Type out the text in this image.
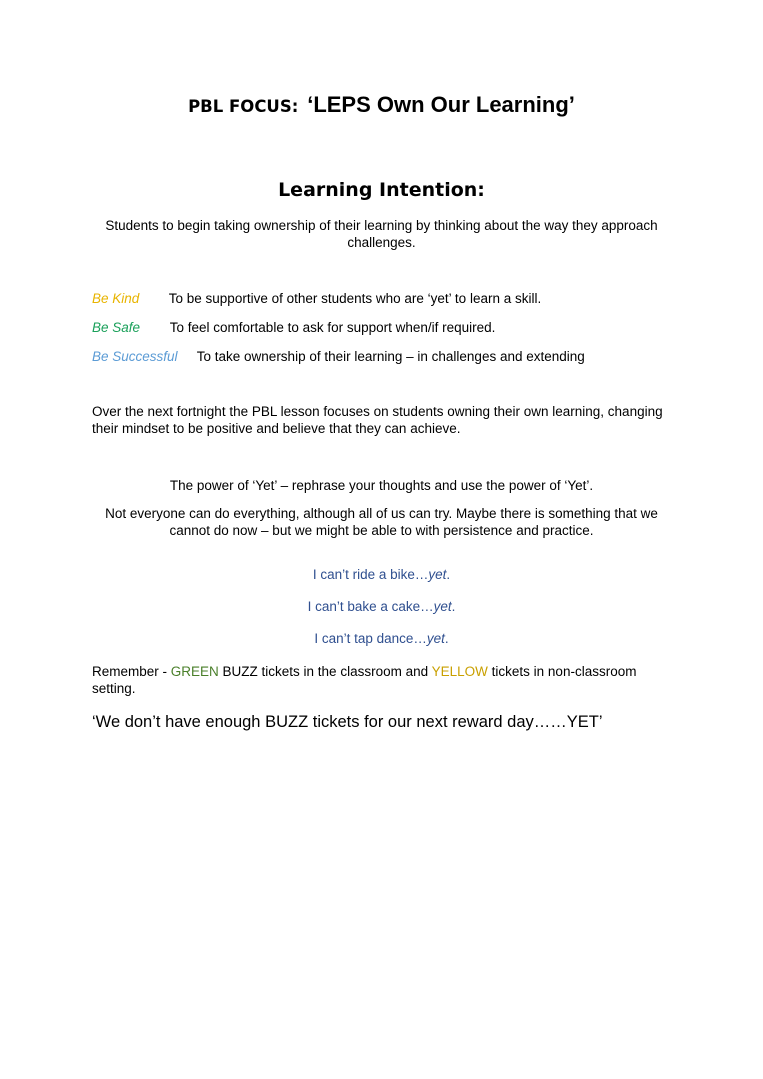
PBL FOCUS: ‘LEPS Own Our Learning’
Learning Intention:
Students to begin taking ownership of their learning by thinking about the way they approach challenges.
Be Kind To be supportive of other students who are ‘yet’ to learn a skill.
Be Safe To feel comfortable to ask for support when/if required.
Be Successful To take ownership of their learning – in challenges and extending
Over the next fortnight the PBL lesson focuses on students owning their own learning, changing their mindset to be positive and believe that they can achieve.
The power of ‘Yet’ – rephrase your thoughts and use the power of ‘Yet’.
Not everyone can do everything, although all of us can try. Maybe there is something that we cannot do now – but we might be able to with persistence and practice.
I can’t ride a bike…yet.
I can’t bake a cake…yet.
I can’t tap dance…yet.
Remember - GREEN BUZZ tickets in the classroom and YELLOW tickets in non-classroom setting.
‘We don’t have enough BUZZ tickets for our next reward day……YET’
